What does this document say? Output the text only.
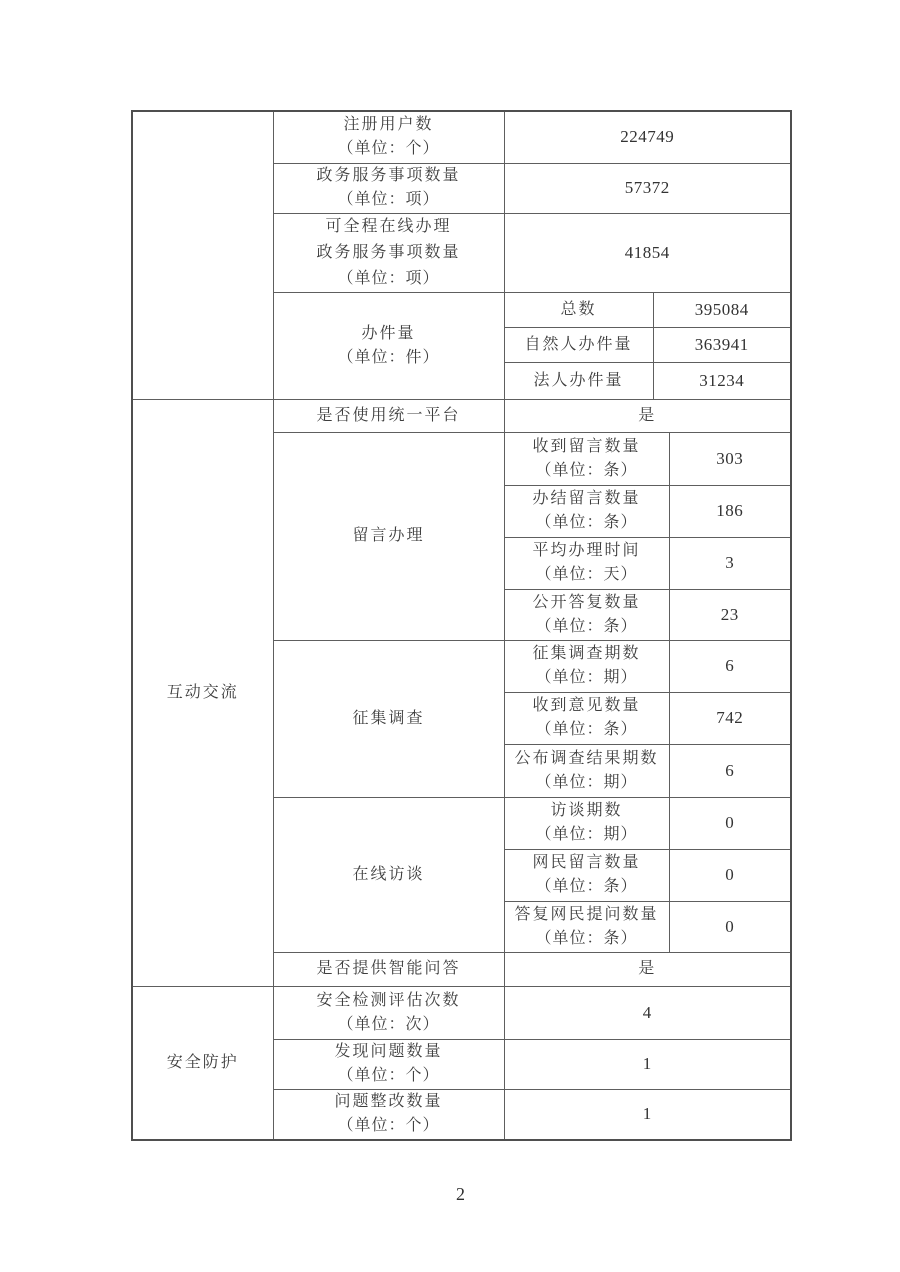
	注册用户数
（单位：个）	224749		

	政务服务事项数量
（单位：项）	57372		

	可全程在线办理
政务服务事项数量
（单位：项）	41854		

	办件量
（单位：件）	总数	395084	
		自然人办件量	363941	
		法人办件量	31234	
互动交流	是否使用统一平台	是		
	留言办理	收到留言数量
（单位：条）		303

		办结留言数量
（单位：条）		186

		平均办理时间
（单位：天）		3

		公开答复数量
（单位：条）		23
	征集调查	征集调查期数
（单位：期）		6

		收到意见数量
（单位：条）		742

		公布调查结果期数
（单位：期）		6
	在线访谈	访谈期数
（单位：期）		0

		网民留言数量
（单位：条）		0

		答复网民提问数量
（单位：条）		0
	是否提供智能问答	是		
安全防护	安全检测评估次数
（单位：次）	4		

	发现问题数量
（单位：个）	1		

	问题整改数量
（单位：个）	1		
2
